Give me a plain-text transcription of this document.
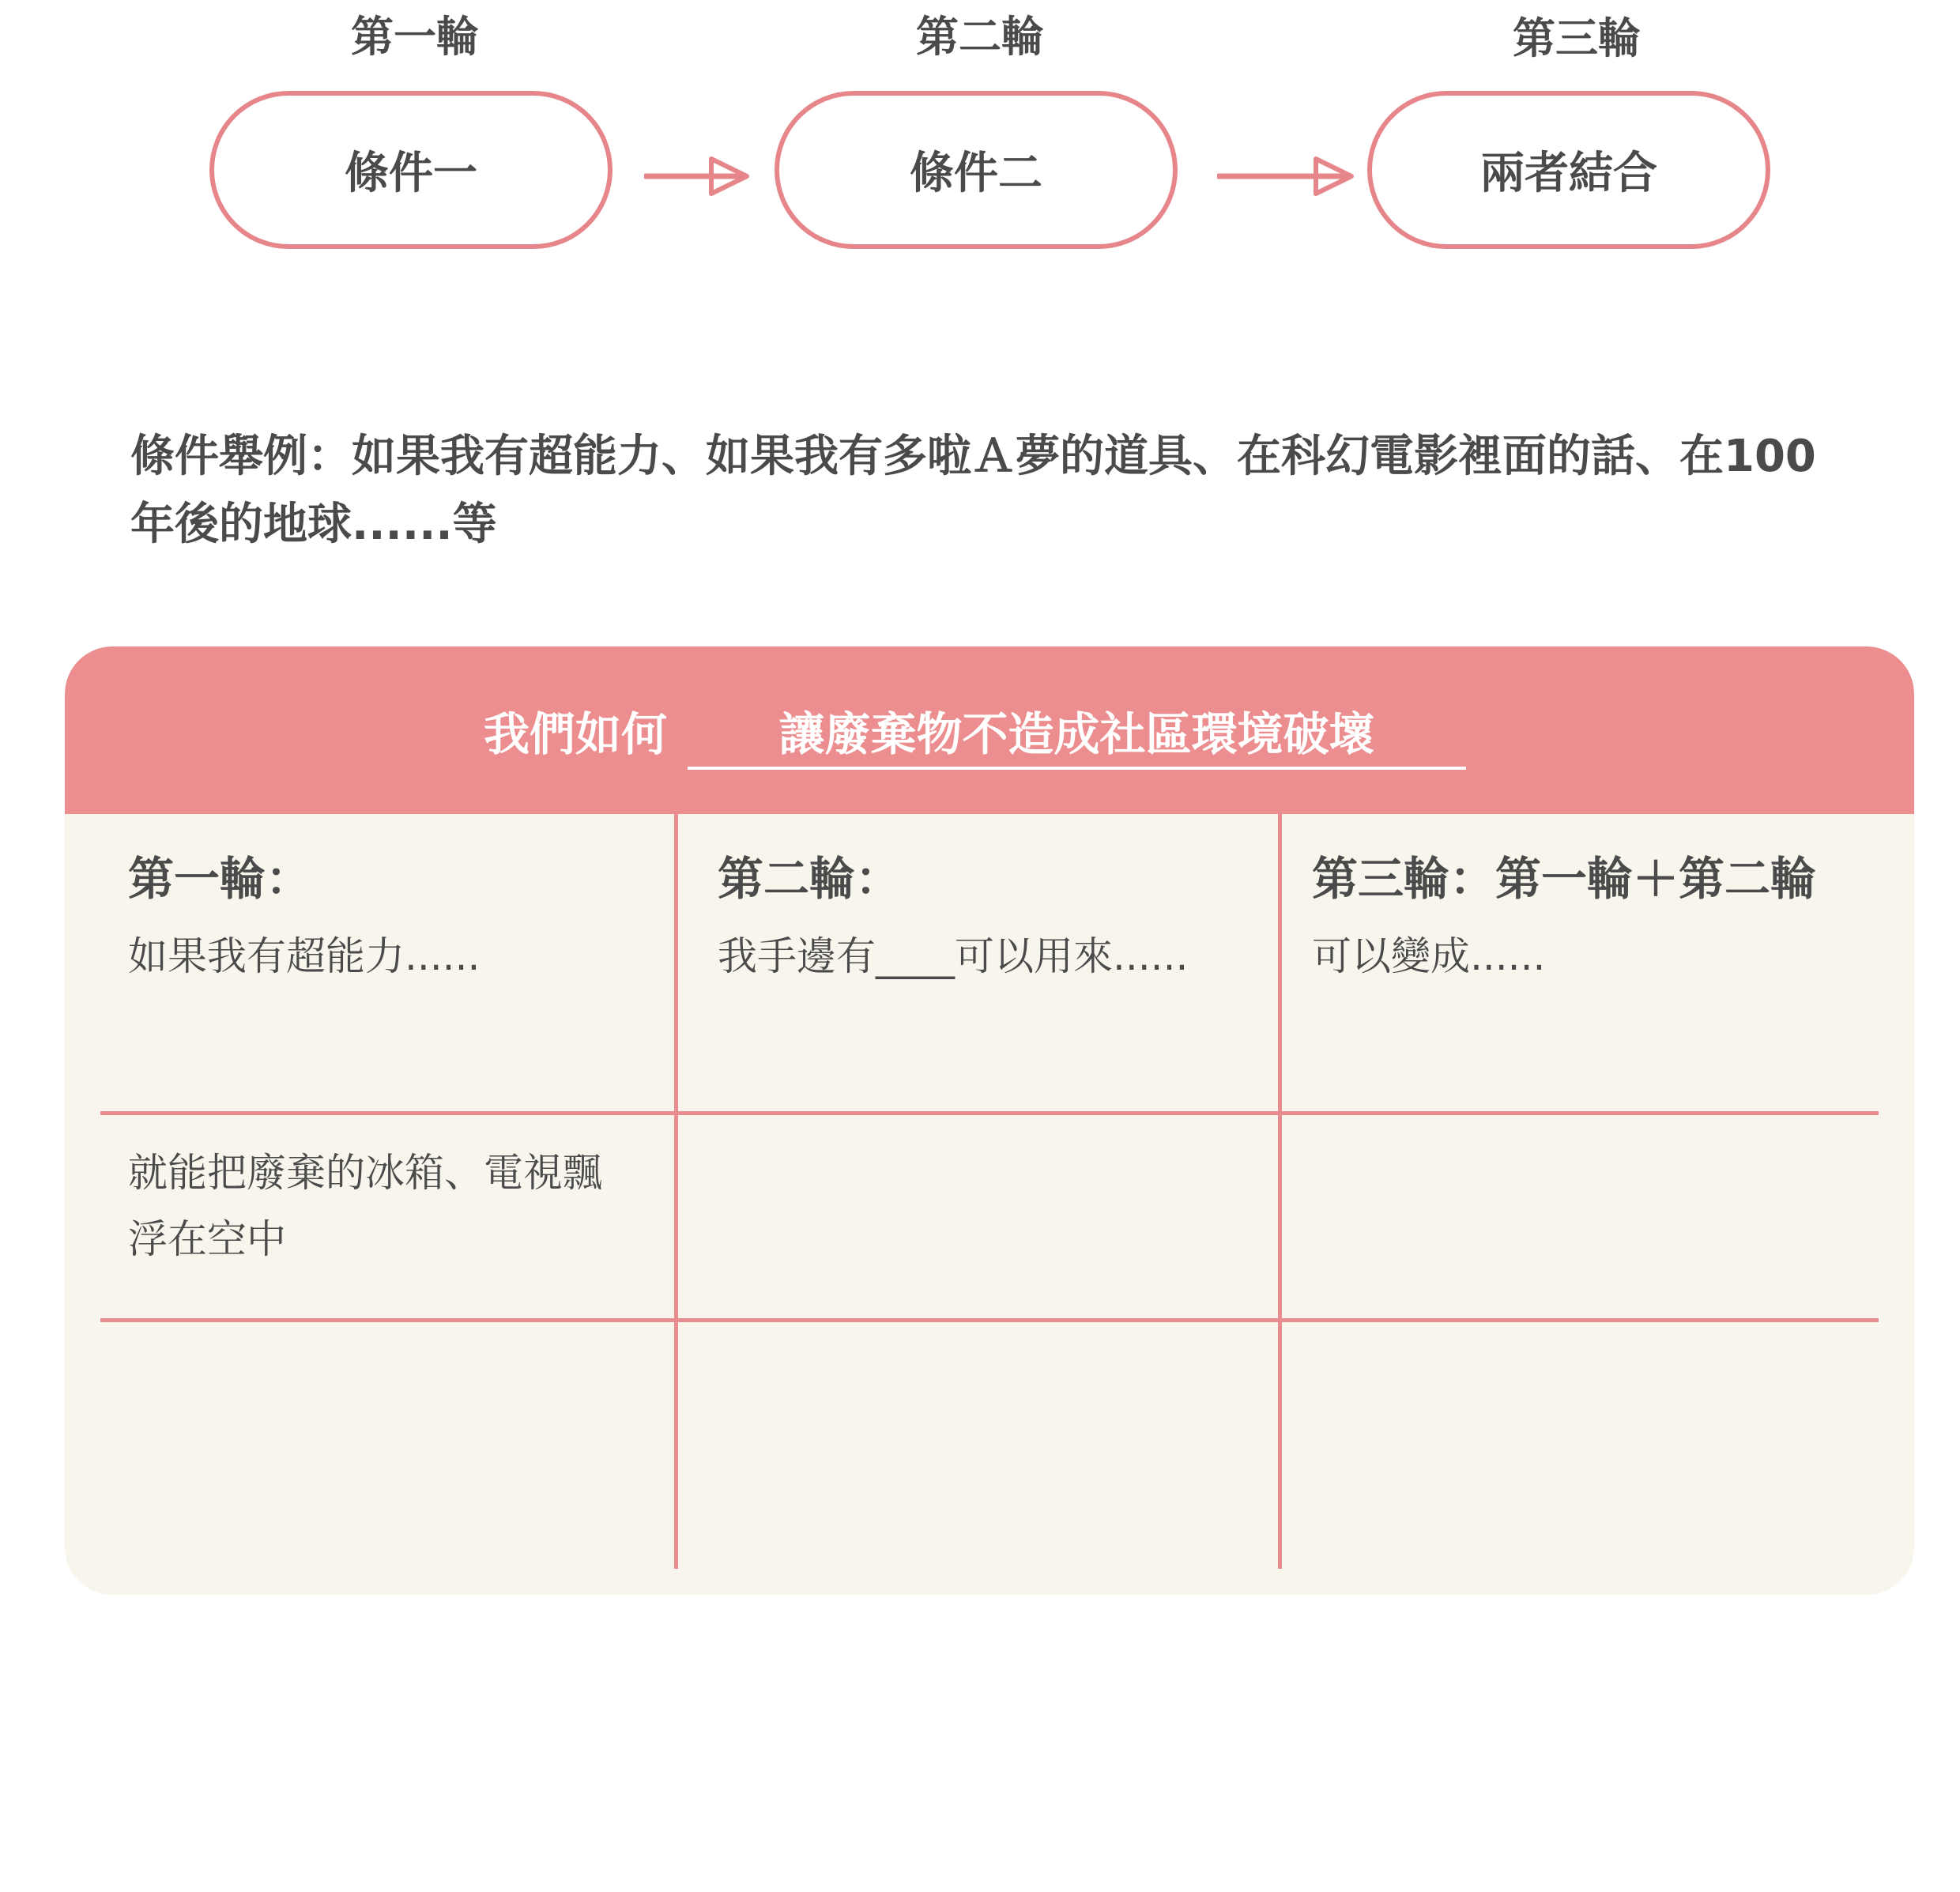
第一輪	第二輪	第三輪
條件一	條件二	兩者結合

條件舉例：如果我有超能力、如果我有多啦Ａ夢的道具、在科幻電影裡面的話、在100年後的地球......等

我們如何	讓廢棄物不造成社區環境破壞
第一輪：	第二輪：	第三輪：第一輪＋第二輪
如果我有超能力......	我手邊有____可以用來......	可以變成......
就能把廢棄的冰箱、電視飄浮在空中
